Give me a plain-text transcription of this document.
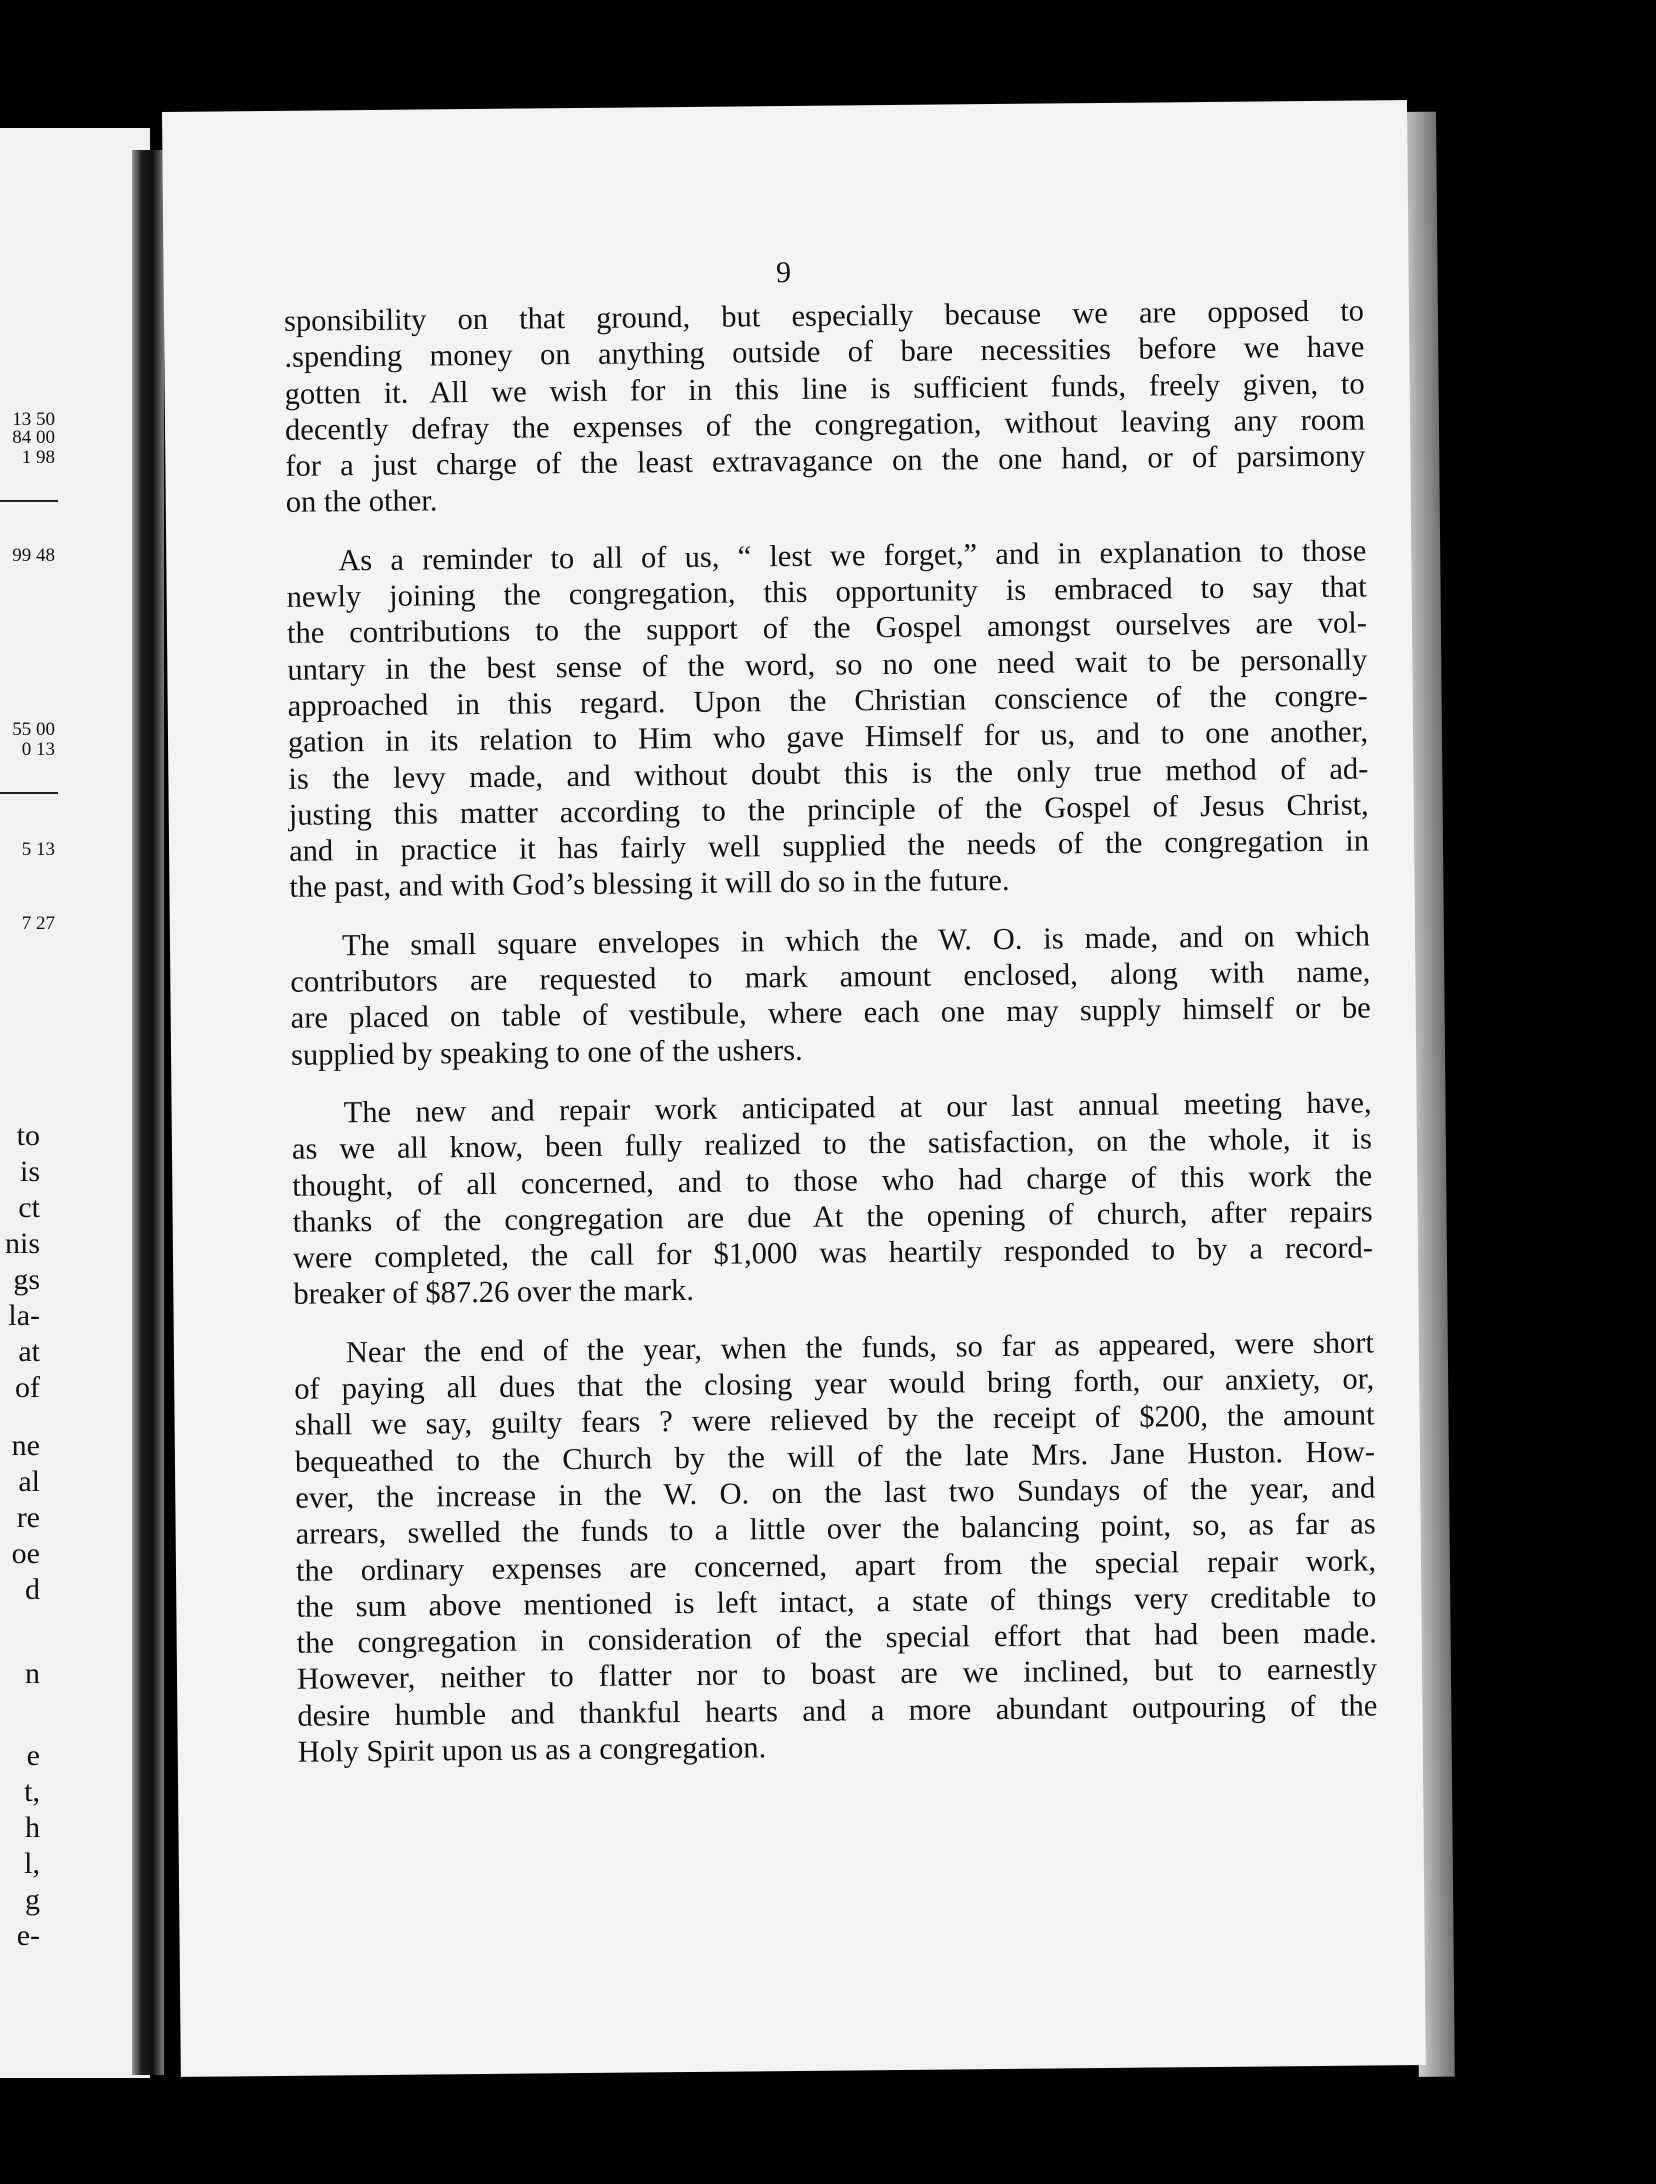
13 50
84 00
1 98
99 48
55 00
0 13
5 13
7 27
to
is
ct
nis
gs
la-
at
of
ne
al
re
oe
d
n
e
t,
h
l,
g
e-
9
sponsibility on that ground, but especially because we are opposed to
.spending money on anything outside of bare necessities before we have
gotten it. All we wish for in this line is sufficient funds, freely given, to
decently defray the expenses of the congregation, without leaving any room
for a just charge of the least extravagance on the one hand, or of parsimony
on the other.
As a reminder to all of us, “ lest we forget,” and in explanation to those
newly joining the congregation, this opportunity is embraced to say that
the contributions to the support of the Gospel amongst ourselves are vol-
untary in the best sense of the word, so no one need wait to be personally
approached in this regard. Upon the Christian conscience of the congre-
gation in its relation to Him who gave Himself for us, and to one another,
is the levy made, and without doubt this is the only true method of ad-
justing this matter according to the principle of the Gospel of Jesus Christ,
and in practice it has fairly well supplied the needs of the congregation in
the past, and with God’s blessing it will do so in the future.
The small square envelopes in which the W. O. is made, and on which
contributors are requested to mark amount enclosed, along with name,
are placed on table of vestibule, where each one may supply himself or be
supplied by speaking to one of the ushers.
The new and repair work anticipated at our last annual meeting have,
as we all know, been fully realized to the satisfaction, on the whole, it is
thought, of all concerned, and to those who had charge of this work the
thanks of the congregation are due At the opening of church, after repairs
were completed, the call for $1,000 was heartily responded to by a record-
breaker of $87.26 over the mark.
Near the end of the year, when the funds, so far as appeared, were short
of paying all dues that the closing year would bring forth, our anxiety, or,
shall we say, guilty fears ? were relieved by the receipt of $200, the amount
bequeathed to the Church by the will of the late Mrs. Jane Huston. How-
ever, the increase in the W. O. on the last two Sundays of the year, and
arrears, swelled the funds to a little over the balancing point, so, as far as
the ordinary expenses are concerned, apart from the special repair work,
the sum above mentioned is left intact, a state of things very creditable to
the congregation in consideration of the special effort that had been made.
However, neither to flatter nor to boast are we inclined, but to earnestly
desire humble and thankful hearts and a more abundant outpouring of the
Holy Spirit upon us as a congregation.
